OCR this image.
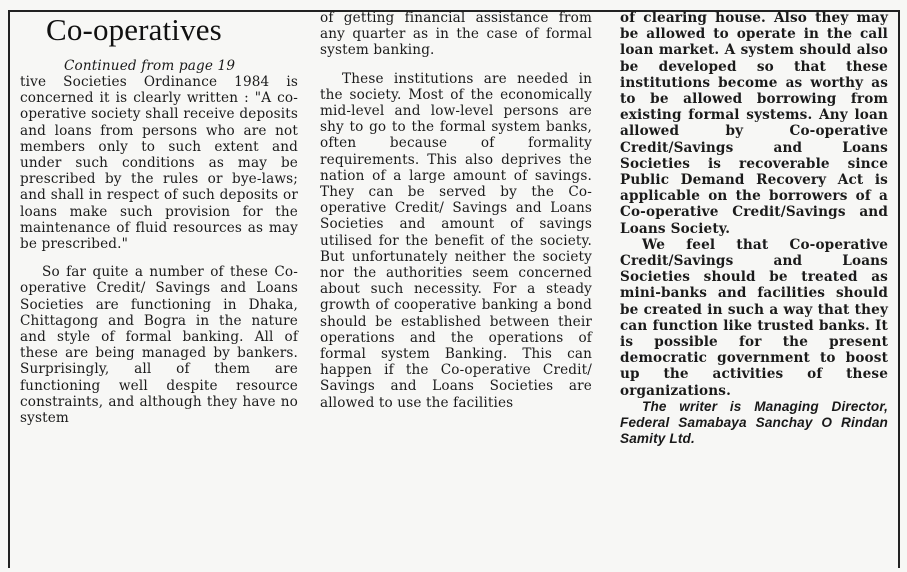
Co-operatives
Continued from page 19

tive Societies Ordinance 1984 is concerned it is clearly written : "A co-operative society shall receive deposits and loans from persons who are not members only to such extent and under such conditions as may be prescribed by the rules or bye-laws; and shall in respect of such deposits or loans make such provision for the maintenance of fluid resources as may be prescribed."

So far quite a number of these Co-operative Credit/ Savings and Loans Societies are functioning in Dhaka, Chittagong and Bogra in the nature and style of formal banking. All of these are being managed by bankers. Surprisingly, all of them are functioning well despite resource constraints, and although they have no system

of getting financial assistance from any quarter as in the case of formal system banking.

These institutions are needed in the society. Most of the economically mid-level and low-level persons are shy to go to the formal system banks, often because of formality requirements. This also deprives the nation of a large amount of savings. They can be served by the Co-operative Credit/ Savings and Loans Societies and amount of savings utilised for the benefit of the society. But unfortunately neither the society nor the authorities seem concerned about such necessity. For a steady growth of cooperative banking a bond should be established between their operations and the operations of formal system Banking. This can happen if the Co-operative Credit/ Savings and Loans Societies are allowed to use the facilities

of clearing house. Also they may be allowed to operate in the call loan market. A system should also be developed so that these institutions become as worthy as to be allowed borrowing from existing formal systems. Any loan allowed by Co-operative Credit/Savings and Loans Societies is recoverable since Public Demand Recovery Act is applicable on the borrowers of a Co-operative Credit/Savings and Loans Society.

We feel that Co-operative Credit/Savings and Loans Societies should be treated as mini-banks and facilities should be created in such a way that they can function like trusted banks. It is possible for the present democratic government to boost up the activities of these organizations.

The writer is Managing Director, Federal Samabaya Sanchay O Rindan Samity Ltd.
